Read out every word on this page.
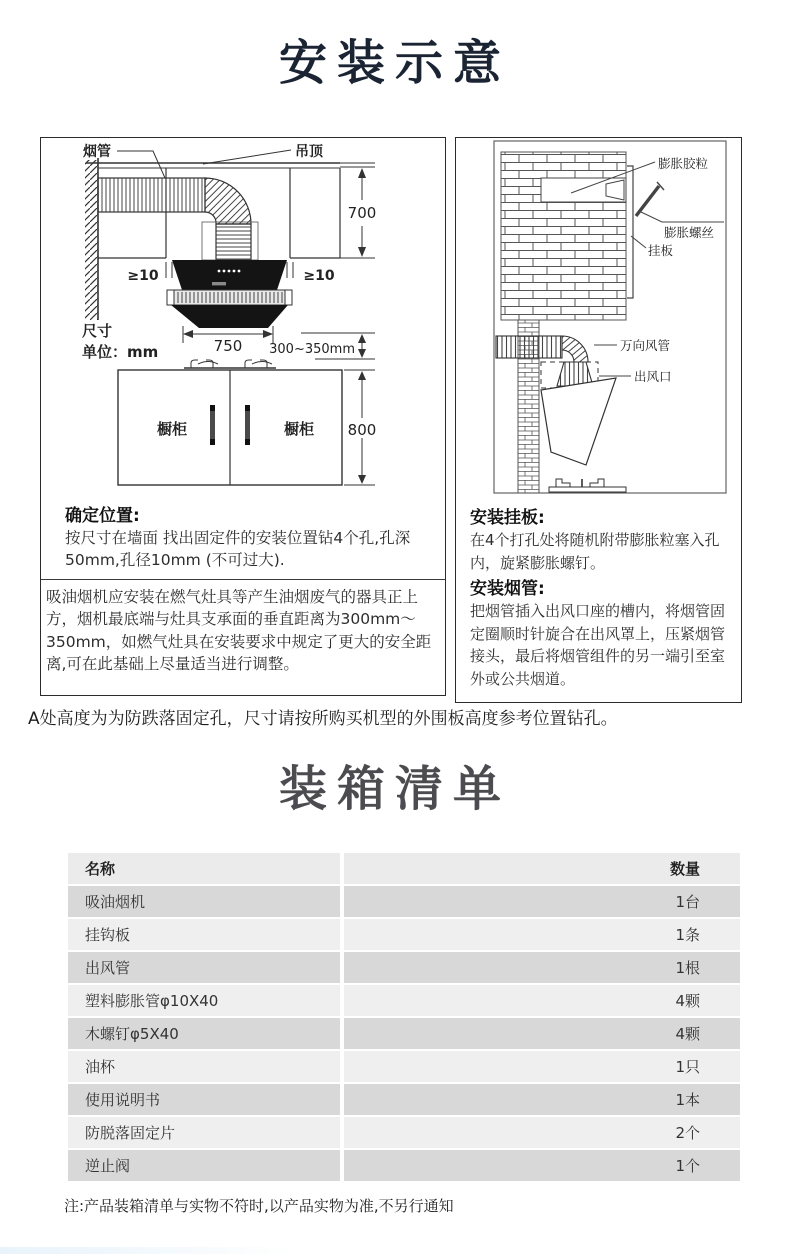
安装示意
烟管	吊顶
≥10	≥10
750
700
尺寸
单位：mm	300~350mm
橱柜	橱柜 800
确定位置:

按尺寸在墙面 找出固定件的安装位置钻4个孔,孔深50mm,孔径10mm (不可过大).

吸油烟机应安装在燃气灶具等产生油烟废气的器具正上方，烟机最底端与灶具支承面的垂直距离为300mm～350mm，如燃气灶具在安装要求中规定了更大的安全距离,可在此基础上尽量适当进行调整。

膨胀胶粒
膨胀螺丝
挂板
万向风管
出风口
安装挂板:

在4个打孔处将随机附带膨胀粒塞入孔内，旋紧膨胀螺钉。

安装烟管:

把烟管插入出风口座的槽内，将烟管固定圈顺时针旋合在出风罩上，压紧烟管接头，最后将烟管组件的另一端引至室外或公共烟道。

A处高度为为防跌落固定孔，尺寸请按所购买机型的外围板高度参考位置钻孔。
装箱清单
名称	数量
吸油烟机	1台
挂钩板	1条
出风管	1根
塑料膨胀管φ10X40	4颗
木螺钉φ5X40	4颗
油杯	1只
使用说明书	1本
防脱落固定片	2个
逆止阀	1个
注:产品装箱清单与实物不符时,以产品实物为准,不另行通知
